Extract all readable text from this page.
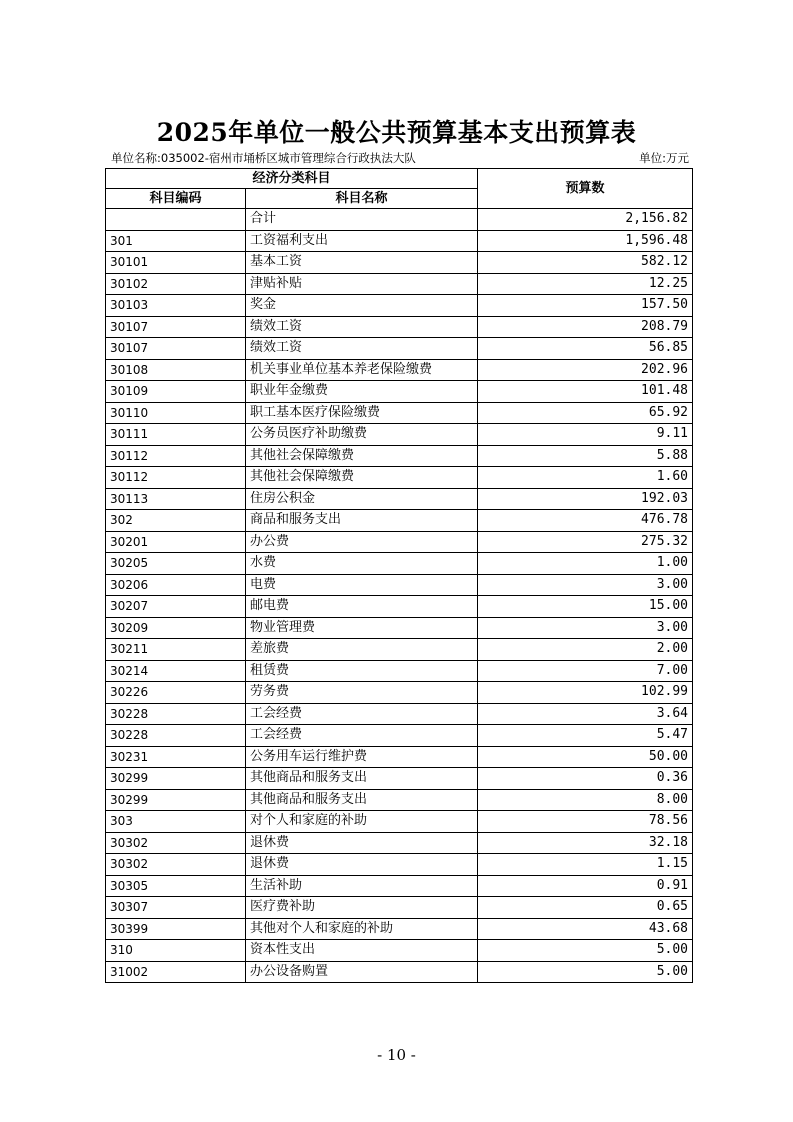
2025年单位一般公共预算基本支出预算表
单位名称:035002-宿州市埇桥区城市管理综合行政执法大队	单位:万元
经济分类科目		预算数
科目编码	科目名称	
	合计	2,156.82
301	工资福利支出	1,596.48
30101	基本工资	582.12
30102	津贴补贴	12.25
30103	奖金	157.50
30107	绩效工资	208.79
30107	绩效工资	56.85
30108	机关事业单位基本养老保险缴费	202.96
30109	职业年金缴费	101.48
30110	职工基本医疗保险缴费	65.92
30111	公务员医疗补助缴费	9.11
30112	其他社会保障缴费	5.88
30112	其他社会保障缴费	1.60
30113	住房公积金	192.03
302	商品和服务支出	476.78
30201	办公费	275.32
30205	水费	1.00
30206	电费	3.00
30207	邮电费	15.00
30209	物业管理费	3.00
30211	差旅费	2.00
30214	租赁费	7.00
30226	劳务费	102.99
30228	工会经费	3.64
30228	工会经费	5.47
30231	公务用车运行维护费	50.00
30299	其他商品和服务支出	0.36
30299	其他商品和服务支出	8.00
303	对个人和家庭的补助	78.56
30302	退休费	32.18
30302	退休费	1.15
30305	生活补助	0.91
30307	医疗费补助	0.65
30399	其他对个人和家庭的补助	43.68
310	资本性支出	5.00
31002	办公设备购置	5.00
- 10 -
